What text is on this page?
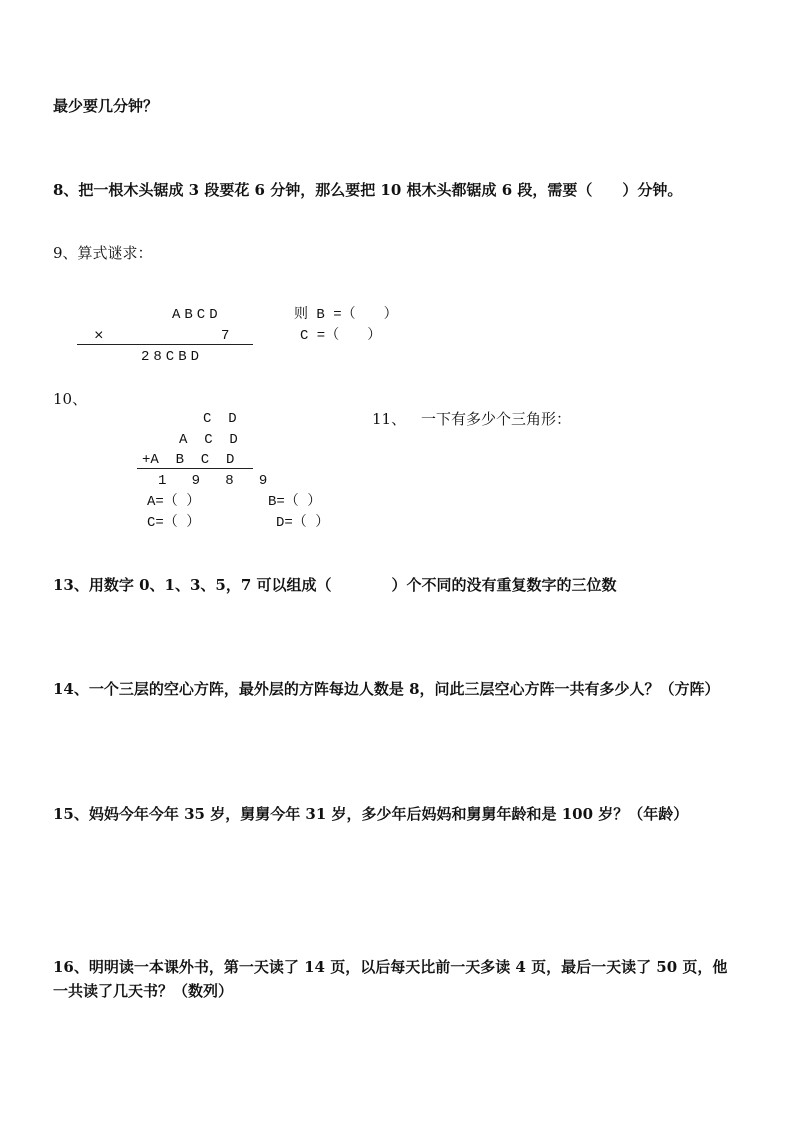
最少要几分钟？
8、把一根木头锯成 3 段要花 6 分钟，那么要把 10 根木头都锯成 6 段，需要（　　）分钟。
9、算式谜求：
ABCD
×	7
28CBD
则 B =（　　）
C =（　　）
10、
C  D
A  C  D
+A  B  C  D
1   9   8   9
A=（ ）	B=（ ）
C=（ ）	D=（ ）
11、 一下有多少个三角形：
13、用数字 0、1、3、5，7 可以组成（　　　　）个不同的没有重复数字的三位数
14、一个三层的空心方阵，最外层的方阵每边人数是 8，问此三层空心方阵一共有多少人？（方阵）
15、妈妈今年今年 35 岁，舅舅今年 31 岁，多少年后妈妈和舅舅年龄和是 100 岁？（年龄）
16、明明读一本课外书，第一天读了 14 页，以后每天比前一天多读 4 页，最后一天读了 50 页，他
一共读了几天书？（数列）
